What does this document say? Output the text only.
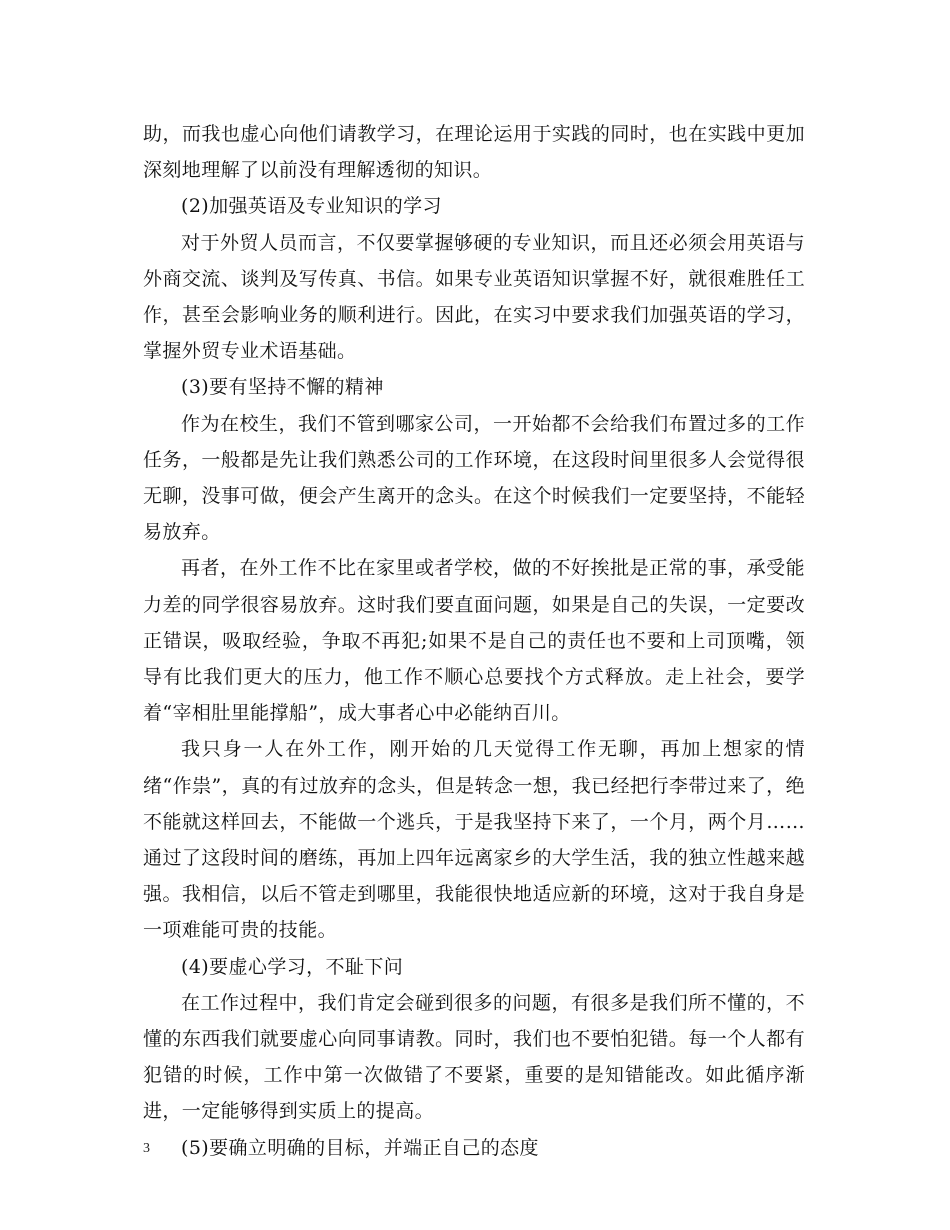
助，而我也虚心向他们请教学习，在理论运用于实践的同时，也在实践中更加深刻地理解了以前没有理解透彻的知识。

(2)加强英语及专业知识的学习

对于外贸人员而言，不仅要掌握够硬的专业知识，而且还必须会用英语与外商交流、谈判及写传真、书信。如果专业英语知识掌握不好，就很难胜任工作，甚至会影响业务的顺利进行。因此，在实习中要求我们加强英语的学习，掌握外贸专业术语基础。

(3)要有坚持不懈的精神

作为在校生，我们不管到哪家公司，一开始都不会给我们布置过多的工作任务，一般都是先让我们熟悉公司的工作环境，在这段时间里很多人会觉得很无聊，没事可做，便会产生离开的念头。在这个时候我们一定要坚持，不能轻易放弃。

再者，在外工作不比在家里或者学校，做的不好挨批是正常的事，承受能力差的同学很容易放弃。这时我们要直面问题，如果是自己的失误，一定要改正错误，吸取经验，争取不再犯;如果不是自己的责任也不要和上司顶嘴，领导有比我们更大的压力，他工作不顺心总要找个方式释放。走上社会，要学着“宰相肚里能撑船”，成大事者心中必能纳百川。

我只身一人在外工作，刚开始的几天觉得工作无聊，再加上想家的情绪“作祟”，真的有过放弃的念头，但是转念一想，我已经把行李带过来了，绝不能就这样回去，不能做一个逃兵，于是我坚持下来了，一个月，两个月……通过了这段时间的磨练，再加上四年远离家乡的大学生活，我的独立性越来越强。我相信，以后不管走到哪里，我能很快地适应新的环境，这对于我自身是一项难能可贵的技能。

(4)要虚心学习，不耻下问

在工作过程中，我们肯定会碰到很多的问题，有很多是我们所不懂的，不懂的东西我们就要虚心向同事请教。同时，我们也不要怕犯错。每一个人都有犯错的时候，工作中第一次做错了不要紧，重要的是知错能改。如此循序渐进，一定能够得到实质上的提高。

(5)要确立明确的目标，并端正自己的态度

3
